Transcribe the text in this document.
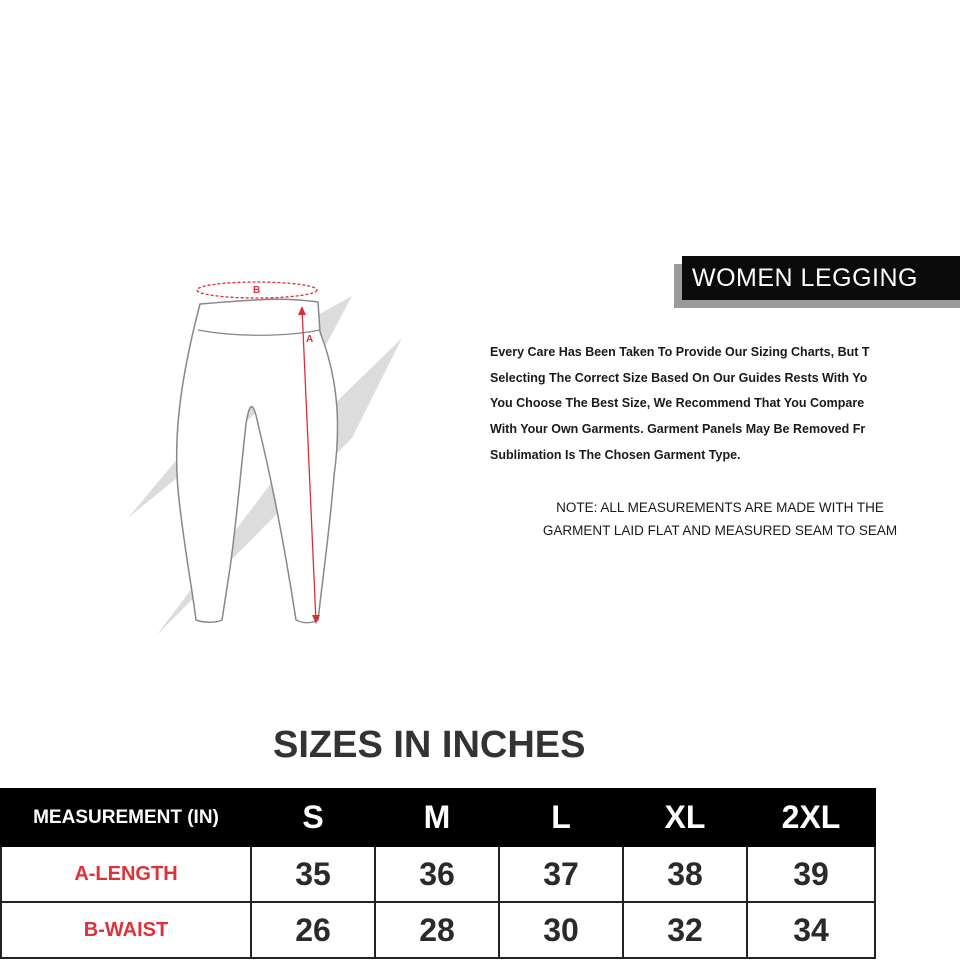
WOMEN LEGGING
Every Care Has Been Taken To Provide Our Sizing Charts, But T
Selecting The Correct Size Based On Our Guides Rests With Yo
You Choose The Best Size, We Recommend That You Compare
With Your Own Garments. Garment Panels May Be Removed Fr
Sublimation Is The Chosen Garment Type.
NOTE: ALL MEASUREMENTS ARE MADE WITH THE
GARMENT LAID FLAT AND MEASURED SEAM TO SEAM
B
A
SIZES IN INCHES
MEASUREMENT (IN)	S	M	L	XL	2XL
A-LENGTH	35	36	37	38	39
B-WAIST	26	28	30	32	34
